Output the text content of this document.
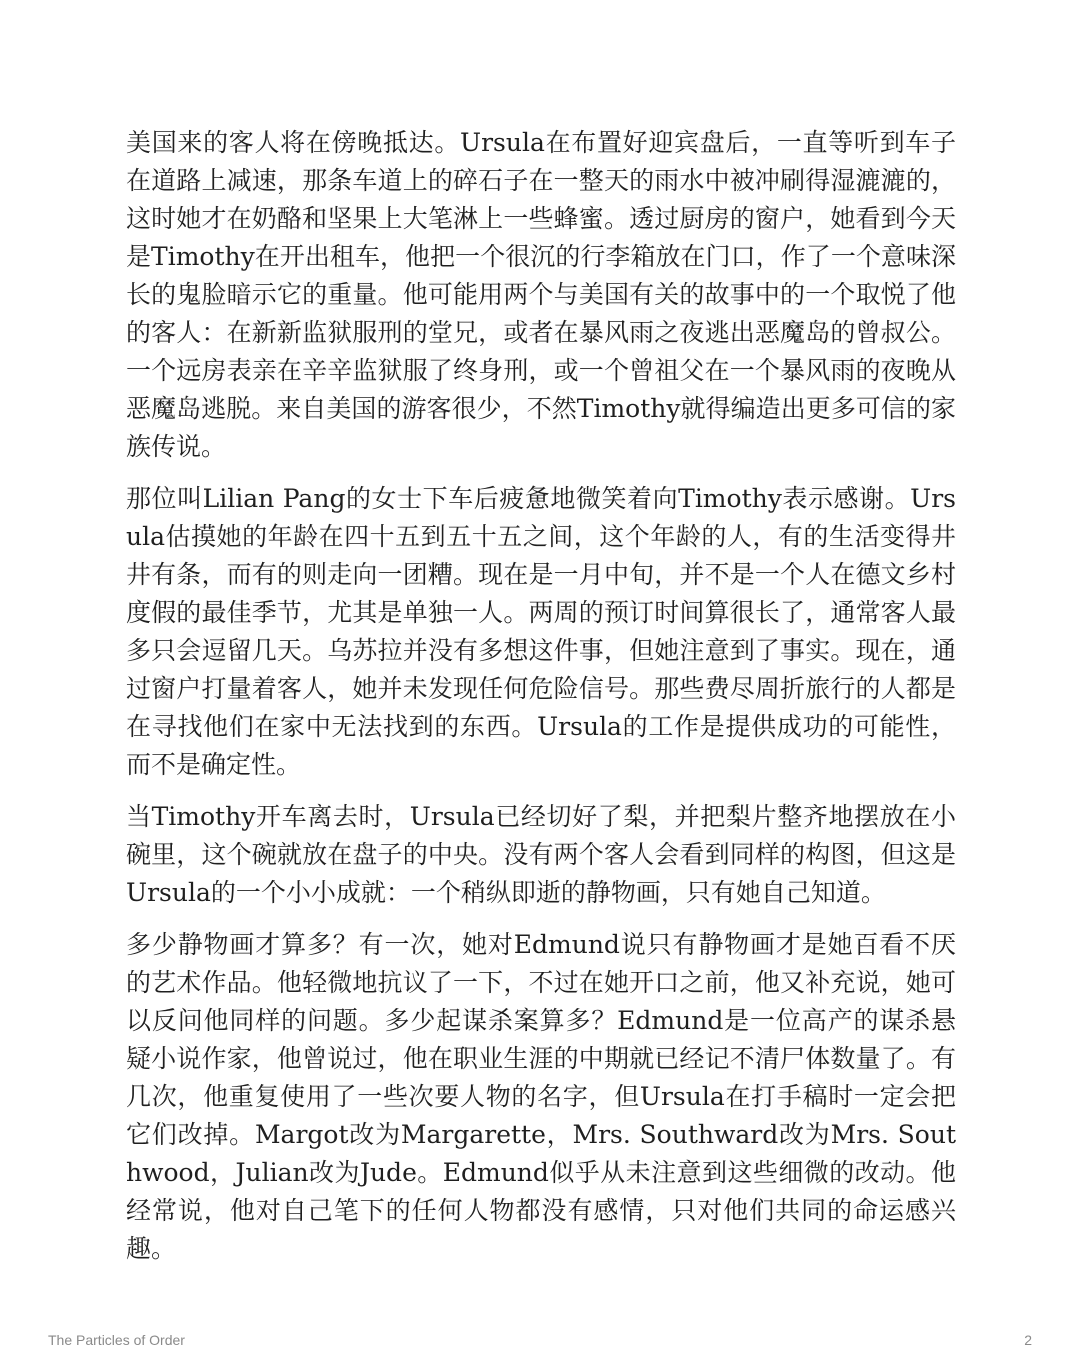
美国来的客人将在傍晚抵达。Ursula在布置好迎宾盘后，一直等听到车子在道路上减速，那条车道上的碎石子在一整天的雨水中被冲刷得湿漉漉的，这时她才在奶酪和坚果上大笔淋上一些蜂蜜。透过厨房的窗户，她看到今天是Timothy在开出租车，他把一个很沉的行李箱放在门口，作了一个意味深长的鬼脸暗示它的重量。他可能用两个与美国有关的故事中的一个取悦了他的客人：在新新监狱服刑的堂兄，或者在暴风雨之夜逃出恶魔岛的曾叔公。一个远房表亲在辛辛监狱服了终身刑，或一个曾祖父在一个暴风雨的夜晚从恶魔岛逃脱。来自美国的游客很少，不然Timothy就得编造出更多可信的家族传说。

那位叫Lilian Pang的女士下车后疲惫地微笑着向Timothy表示感谢。Ursula估摸她的年龄在四十五到五十五之间，这个年龄的人，有的生活变得井井有条，而有的则走向一团糟。现在是一月中旬，并不是一个人在德文乡村度假的最佳季节，尤其是单独一人。两周的预订时间算很长了，通常客人最多只会逗留几天。乌苏拉并没有多想这件事，但她注意到了事实。现在，通过窗户打量着客人，她并未发现任何危险信号。那些费尽周折旅行的人都是在寻找他们在家中无法找到的东西。Ursula的工作是提供成功的可能性，而不是确定性。

当Timothy开车离去时，Ursula已经切好了梨，并把梨片整齐地摆放在小碗里，这个碗就放在盘子的中央。没有两个客人会看到同样的构图，但这是Ursula的一个小小成就：一个稍纵即逝的静物画，只有她自己知道。

多少静物画才算多？有一次，她对Edmund说只有静物画才是她百看不厌的艺术作品。他轻微地抗议了一下，不过在她开口之前，他又补充说，她可以反问他同样的问题。多少起谋杀案算多？Edmund是一位高产的谋杀悬疑小说作家，他曾说过，他在职业生涯的中期就已经记不清尸体数量了。有几次，他重复使用了一些次要人物的名字，但Ursula在打手稿时一定会把它们改掉。Margot改为Margarette，Mrs. Southward改为Mrs. Southwood，Julian改为Jude。Edmund似乎从未注意到这些细微的改动。他经常说，他对自己笔下的任何人物都没有感情，只对他们共同的命运感兴趣。

The Particles of Order	2
